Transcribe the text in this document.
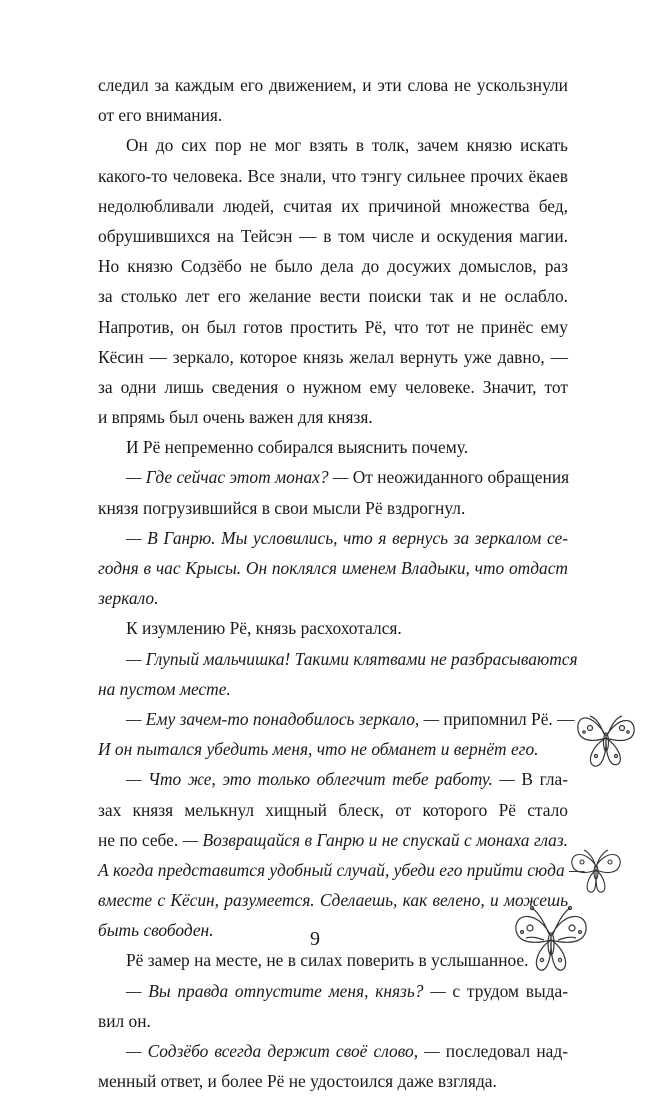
следил за каждым его движением, и эти слова не ускользнули
от его внимания.
Он до сих пор не мог взять в толк, зачем князю искать
какого-то человека. Все знали, что тэнгу сильнее прочих ёкаев
недолюбливали людей, считая их причиной множества бед,
обрушившихся на Тейсэн — в том числе и оскудения магии.
Но князю Содзёбо не было дела до досужих домыслов, раз
за столько лет его желание вести поиски так и не ослабло.
Напротив, он был готов простить Рё, что тот не принёс ему
Кёсин — зеркало, которое князь желал вернуть уже давно, —
за одни лишь сведения о нужном ему человеке. Значит, тот
и впрямь был очень важен для князя.
И Рё непременно собирался выяснить почему.
— Где сейчас этот монах? — От неожиданного обращения
князя погрузившийся в свои мысли Рё вздрогнул.
— В Ганрю. Мы условились, что я вернусь за зеркалом се-
годня в час Крысы. Он поклялся именем Владыки, что отдаст
зеркало.
К изумлению Рё, князь расхохотался.
— Глупый мальчишка! Такими клятвами не разбрасываются
на пустом месте.
— Ему зачем-то понадобилось зеркало, — припомнил Рё. —
И он пытался убедить меня, что не обманет и вернёт его.
— Что же, это только облегчит тебе работу. — В гла-
зах князя мелькнул хищный блеск, от которого Рё стало
не по себе. — Возвращайся в Ганрю и не спускай с монаха глаз.
А когда представится удобный случай, убеди его прийти сюда —
вместе с Кёсин, разумеется. Сделаешь, как велено, и можешь
быть свободен.
Рё замер на месте, не в силах поверить в услышанное.
— Вы правда отпустите меня, князь? — с трудом выда-
вил он.
— Содзёбо всегда держит своё слово, — последовал над-
менный ответ, и более Рё не удостоился даже взгляда.
9
